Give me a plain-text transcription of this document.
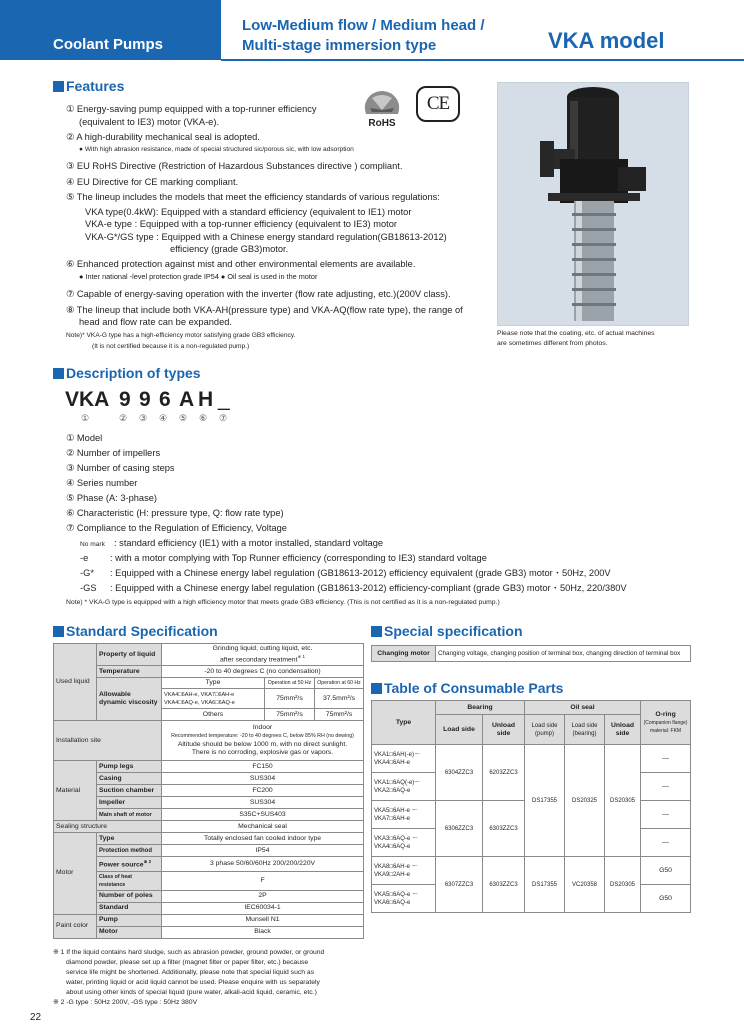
Coolant Pumps
Low-Medium flow / Medium head /
Multi-stage immersion type	VKA model
Features
① Energy-saving pump equipped with a top-runner efficiency
(equivalent to IE3) motor (VKA-e).
② A high-durability mechanical seal is adopted.
● With high abrasion resistance, made of special structured sic/porous sic, with low adsorption
③ EU RoHS Directive (Restriction of Hazardous Substances directive ) compliant.
④ EU Directive for CE marking compliant.
⑤ The lineup includes the models that meet the efficiency standards of various regulations:
VKA type(0.4kW): Equipped with a standard efficiency (equivalent to IE1) motor
VKA-e type : Equipped with a top-runner efficiency (equivalent to IE3) motor
VKA-G*/GS type : Equipped with a Chinese energy standard regulation(GB18613-2012)
efficiency (grade GB3)motor.
⑥ Enhanced protection against mist and other environmental elements are available.
● Inter national -level protection grade IP54 ● Oil seal is used in the motor
⑦ Capable of energy-saving operation with the inverter (flow rate adjusting, etc.)(200V class).
⑧ The lineup that include both VKA-AH(pressure type) and VKA-AQ(flow rate type), the range of
head and flow rate can be expanded.
Note)* VKA-G type has a high-efficiency motor satisfying grade GB3 efficiency.
(It is not certified because it is a non-regulated pump.)
RoHS
CE
Please note that the coating, etc. of actual machines
are sometimes different from photos.
Description of types
VKA 9 9 6 A H _
①	② ③ ④ ⑤ ⑥ ⑦
① Model
② Number of impellers
③ Number of casing steps
④ Series number
⑤ Phase (A: 3-phase)
⑥ Characteristic (H: pressure type, Q: flow rate type)
⑦ Compliance to the Regulation of Efficiency, Voltage
No mark : standard efficiency (IE1) with a motor installed, standard voltage
-e : with a motor complying with Top Runner efficiency (corresponding to IE3) standard voltage
-G* : Equipped with a Chinese energy label regulation (GB18613-2012) efficiency equivalent (grade GB3) motor・50Hz, 200V
-GS : Equipped with a Chinese energy label regulation (GB18613-2012) efficiency-compliant (grade GB3) motor・50Hz, 220/380V
Note) * VKA-G type is equipped with a high efficiency motor that meets grade GB3 efficiency. (This is not certified as it is a non-regulated pump.)
Standard Specification
Used liquid	Property of liquid	Grinding liquid, cutting liquid, etc.
after secondary treatment$^{※ 1}$
	Temperature	-20 to 40 degrees C (no condensation)		
	Allowable dynamic viscosity	Type	Operation at 50 Hz	Operation at 60 Hz
		VKA4□6AH-e, VKA7□6AH-e
VKA4□6AQ-e, VKA6□6AQ-e	75mm²/s	37.5mm²/s
		Others	75mm²/s	75mm²/s

Installation site		Indoor
Recommended temperature: -20 to 40 degrees C, below 85% RH (no dewing)
Altitude should be below 1000 m, with no direct sunlight.
There is no corroding, explosive gas or vapors.		
Material	Pump legs	FC150		
	Casing	SUS304		
	Suction chamber	FC200		
	Impeller	SUS304		
	Main shaft of motor	S35C+SUS403		
Sealing structure		Mechanical seal		
Motor	Type	Totally enclosed fan cooled indoor type		
	Protection method	IP54		
	Power source$^{※ 2}$	3 phase 50/60/60Hz 200/200/220V		
	Class of heat resistance	F		
	Number of poles	2P		
	Standard	IEC60034-1		

Paint color	Pump	Munsell N1		
	Motor	Black		
Special specification
Changing motor	Changing voltage, changing position of terminal box, changing direction of terminal box
Table of Consumable Parts
Type	Bearing		Oil seal			O-ring
(Companion flange) material: FKM
	Load side	Unload side	Load side (pump)	Load side (bearing)	Unload side	
VKA1□6AH(-e)〜
VKA4□6AH-e	6304ZZC3	6203ZZC3	DS17355	DS20325	DS20305	―
VKA1□6AQ(-e)〜
VKA2□6AQ-e						―
VKA5□6AH-e 〜
VKA7□6AH-e	6306ZZC3	6303ZZC3				―
VKA3□6AQ-e 〜
VKA4□6AQ-e						―
VKA8□6AH-e 〜
VKA9□2AH-e	6307ZZC3	6303ZZC3	DS17355	VC20358	DS20305	G50
VKA5□6AQ-e 〜
VKA6□6AQ-e						G50
※ 1 If the liquid contains hard sludge, such as abrasion powder, ground powder, or ground
diamond powder, please set up a filter (magnet filter or paper filter, etc.) because
service life might be shortened. Additionally, please note that special liquid such as
water, printing liquid or acid liquid cannot be used. Please enquire with us separately
about using other kinds of special liquid (pure water, alkali-acid liquid, ceramic, etc.)
※ 2 -G type : 50Hz 200V, -GS type : 50Hz 380V
22
